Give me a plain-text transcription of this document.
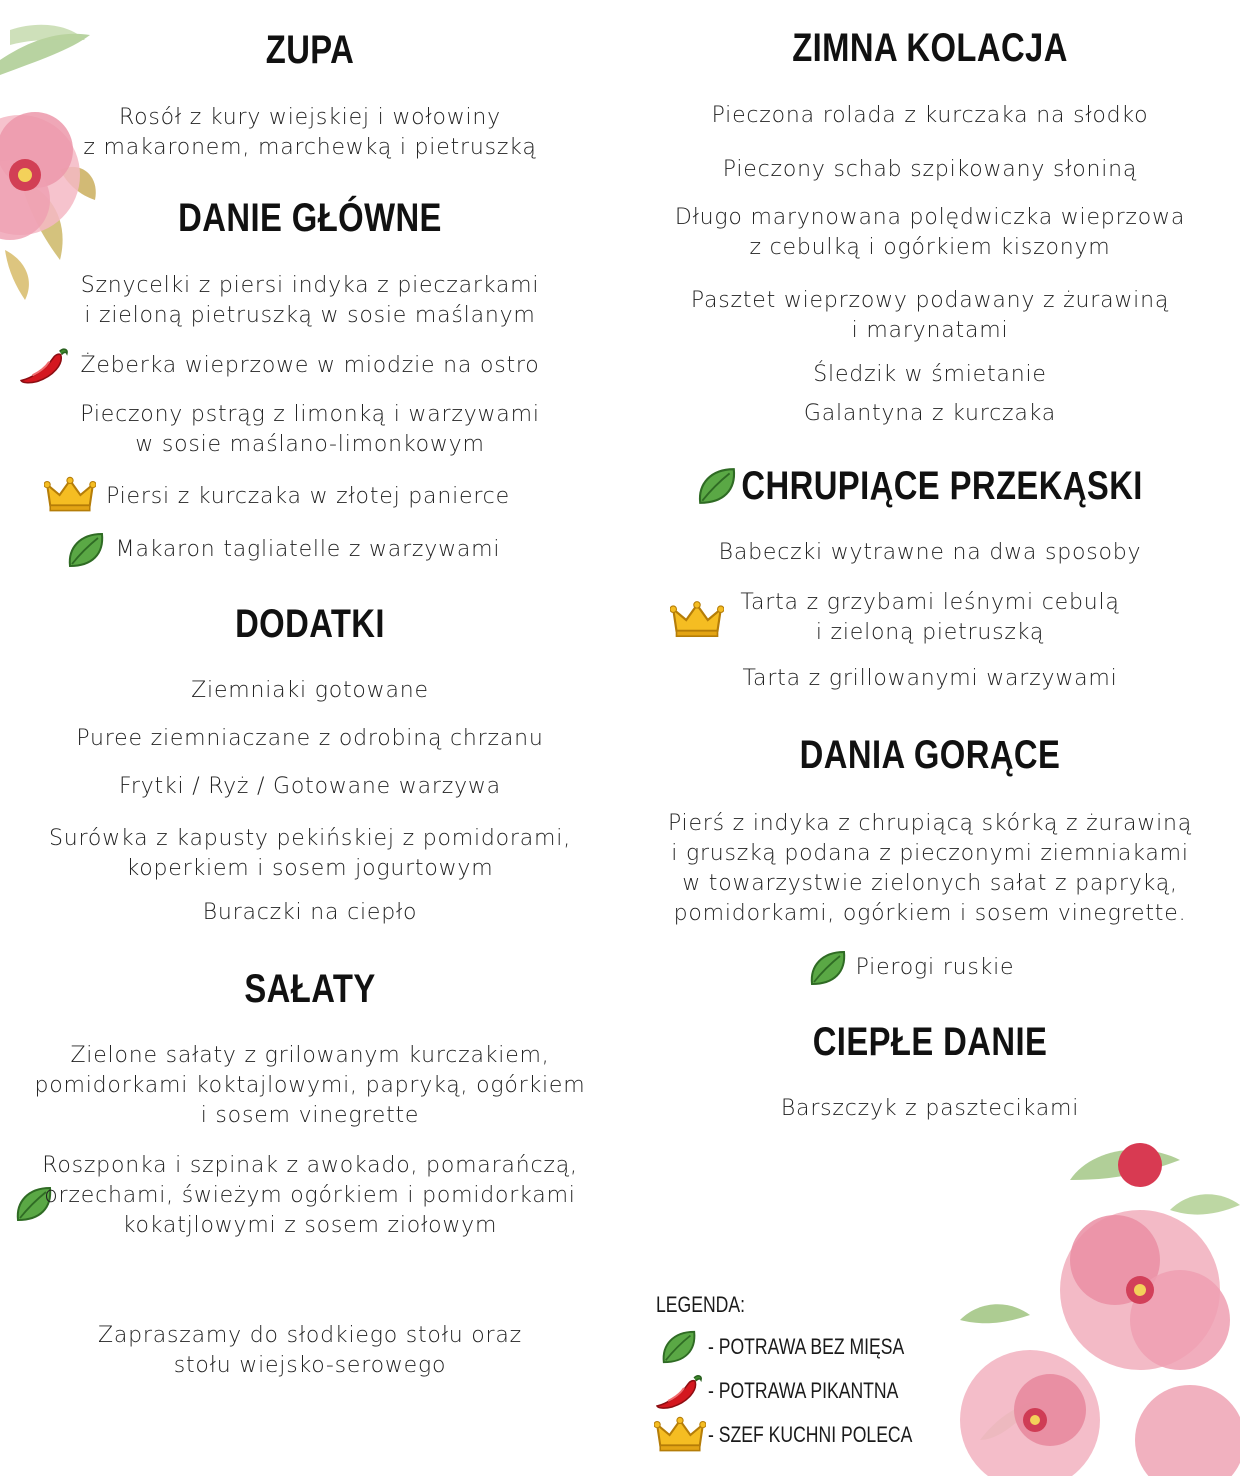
ZUPA
Rosół z kury wiejskiej i wołowiny
z makaronem, marchewką i pietruszką
DANIE GŁÓWNE
Sznycelki z piersi indyka z pieczarkami
i zieloną pietruszką w sosie maślanym
Żeberka wieprzowe w miodzie na ostro
Pieczony pstrąg z limonką i warzywami
w sosie maślano-limonkowym
Piersi z kurczaka w złotej panierce
Makaron tagliatelle z warzywami
DODATKI
Ziemniaki gotowane
Puree ziemniaczane z odrobiną chrzanu
Frytki / Ryż / Gotowane warzywa
Surówka z kapusty pekińskiej z pomidorami,
koperkiem i sosem jogurtowym
Buraczki na ciepło
SAŁATY
Zielone sałaty z grilowanym kurczakiem,
pomidorkami koktajlowymi, papryką, ogórkiem
i sosem vinegrette
Roszponka i szpinak z awokado, pomarańczą,
orzechami, świeżym ogórkiem i pomidorkami
kokatjlowymi z sosem ziołowym
Zapraszamy do słodkiego stołu oraz
stołu wiejsko-serowego
ZIMNA KOLACJA
Pieczona rolada z kurczaka na słodko
Pieczony schab szpikowany słoniną
Długo marynowana polędwiczka wieprzowa
z cebulką i ogórkiem kiszonym
Pasztet wieprzowy podawany z żurawiną
i marynatami
Śledzik w śmietanie
Galantyna z kurczaka
CHRUPIĄCE PRZEKĄSKI
Babeczki wytrawne na dwa sposoby
Tarta z grzybami leśnymi cebulą
i zieloną pietruszką
Tarta z grillowanymi warzywami
DANIA GORĄCE
Pierś z indyka z chrupiącą skórką z żurawiną
i gruszką podana z pieczonymi ziemniakami
w towarzystwie zielonych sałat z papryką,
pomidorkami, ogórkiem i sosem vinegrette.
Pierogi ruskie
CIEPŁE DANIE
Barszczyk z pasztecikami
LEGENDA:
- POTRAWA BEZ MIĘSA
- POTRAWA PIKANTNA
- SZEF KUCHNI POLECA
